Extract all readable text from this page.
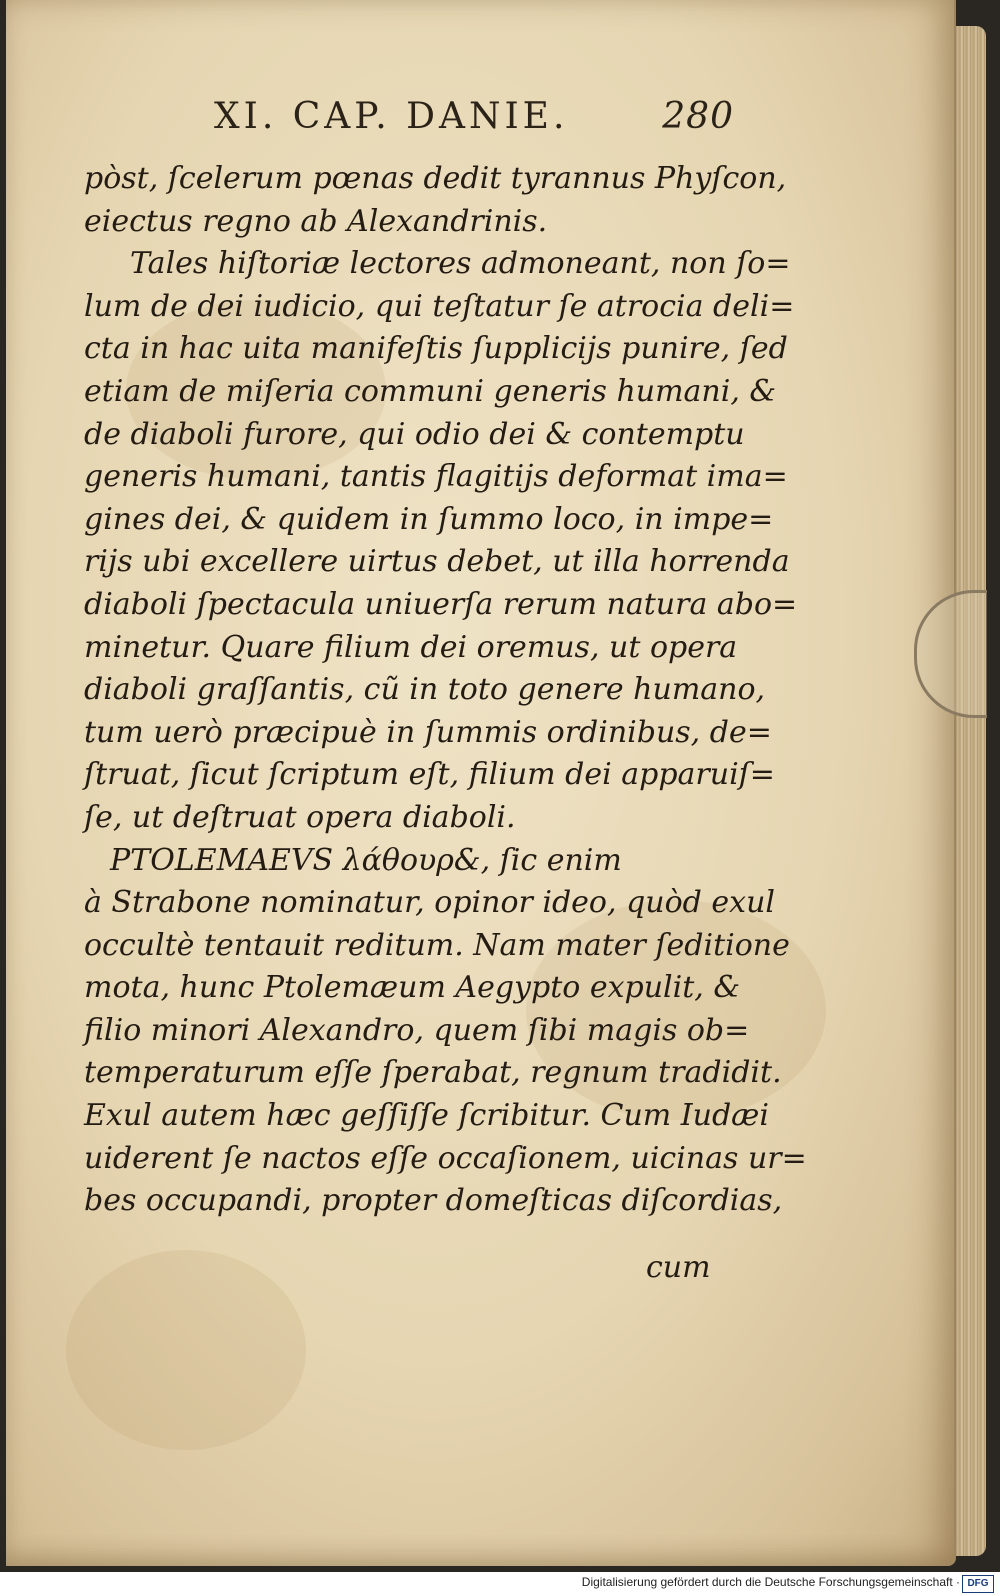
XI. CAP. DANIE.	280
pòst, ſcelerum pœnas dedit tyrannus Phyſcon,
eiectus regno ab Alexandrinis.
Tales hiſtoriæ lectores admoneant, non ſo=
lum de dei iudicio, qui teſtatur ſe atrocia deli=
cta in hac uita manifeſtis ſupplicijs punire, ſed
etiam de miſeria communi generis humani, &
de diaboli furore, qui odio dei & contemptu
generis humani, tantis flagitijs deformat ima=
gines dei, & quidem in ſummo loco, in impe=
rijs ubi excellere uirtus debet, ut illa horrenda
diaboli ſpectacula uniuerſa rerum natura abo=
minetur. Quare filium dei oremus, ut opera
diaboli graſſantis, cũ in toto genere humano,
tum uerò præcipuè in ſummis ordinibus, de=
ſtruat, ſicut ſcriptum eſt, filium dei apparuiſ=
ſe, ut deſtruat opera diaboli.
PTOLEMAEVS λάθουρ&, ſic enim
à Strabone nominatur, opinor ideo, quòd exul
occultè tentauit reditum. Nam mater ſeditione
mota, hunc Ptolemæum Aegypto expulit, &
filio minori Alexandro, quem ſibi magis ob=
temperaturum eſſe ſperabat, regnum tradidit.
Exul autem hæc geſſiſſe ſcribitur. Cum Iudæi
uiderent ſe nactos eſſe occaſionem, uicinas ur=
bes occupandi, propter domeſticas diſcordias,
cum
Digitalisierung gefördert durch die Deutsche Forschungsgemeinschaft · DFG
